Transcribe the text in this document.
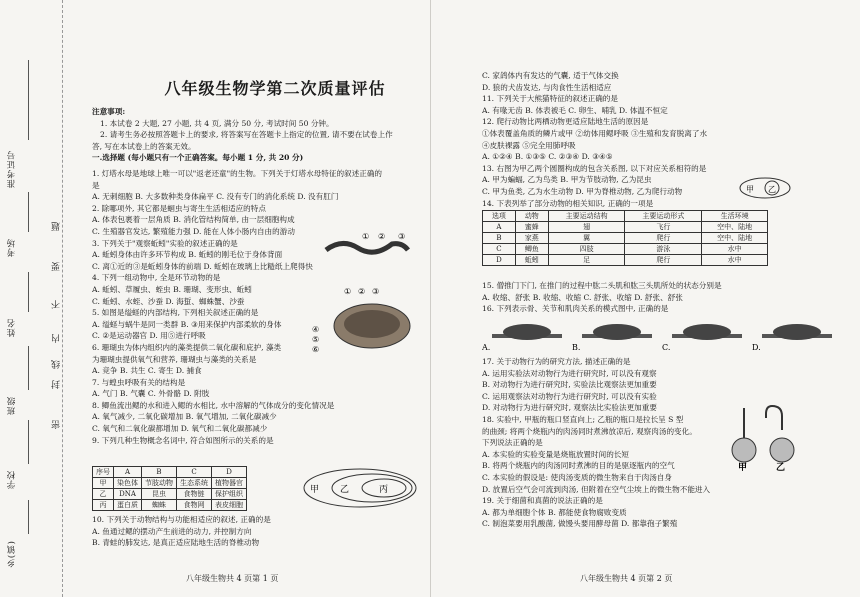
准考证号
考场
姓名
班级
学校
乡(镇)
题
要
不
内
线
封
密
八年级生物学第二次质量评估
注意事项:
1. 本试卷 2 大题, 27 小题, 共 4 页, 满分 50 分, 考试时间 50 分钟。
2. 请考生务必按照答题卡上的要求, 将答案写在答题卡上指定的位置, 请不要在试卷上作
答, 写在本试卷上的答案无效。
一.选择题 (每小题只有一个正确答案。每小题 1 分, 共 20 分)
1. 灯塔水母是地球上唯一可以"返老还童"的生物。下列关于灯塔水母特征的叙述正确的
是
A. 无刺细胞 B. 大多数种类身体扁平 C. 没有专门的消化系统 D. 没有肛门
2. 除哪项外, 其它都是蛔虫与寄生生活相适应的特点
A. 体表包裹着一层角质 B. 消化管结构简单, 由一层细胞构成
C. 生殖器官发达, 繁殖能力强 D. 能在人体小肠内自由的游动
3. 下列关于"观察蚯蚓"实验的叙述正确的是
A. 蚯蚓身体由许多环节构成 B. 蚯蚓的刚毛位于身体背面
C. 离①近的③是蚯蚓身体的前端 D. 蚯蚓在玻璃上比糙纸上爬得快
4. 下列一组动物中, 全是环节动物的是
A. 蚯蚓、草履虫、蛭虫 B. 珊瑚、变形虫、蚯蚓
C. 蚯蚓、水蛭、沙蚕 D. 海蜇、蜘蛛蟹、沙蚕
5. 如图是缢蛏的内部结构, 下列相关叙述正确的是
A. 缢蛏与蜗牛是同一类群 B. ③用来保护内部柔软的身体
C. ②是运动器官 D. 用⑤进行呼吸
6. 珊瑚虫为体内组织内的藻类提供二氧化碳和庇护, 藻类
为珊瑚虫提供氧气和营养, 珊瑚虫与藻类的关系是
A. 竞争 B. 共生 C. 寄生 D. 捕食
7. 与蝗虫呼吸有关的结构是
A. 气门 B. 气囊 C. 外骨骼 D. 附肢
8. 鲫鱼流出鳃的水和进入鳃的水相比, 水中溶解的气体成分的变化情况是
A. 氧气减少, 二氧化碳增加 B. 氧气增加, 二氧化碳减少
C. 氧气和二氧化碳都增加 D. 氧气和二氧化碳都减少
9. 下列几种生物概念名词中, 符合如图所示的关系的是
① ② ③
① ② ③
④
⑤
⑥
序号	A	B	C	D
甲	染色体	节肢动物	生态系统	植物器官
乙	DNA	昆虫	食物链	保护组织
丙	蛋白质	蜘蛛	食物网	表皮细胞
甲 乙	丙
10. 下列关于动物结构与功能相适应的叙述, 正确的是
A. 鱼通过鳃的摆动产生前进的动力, 并控制方向
B. 青蛙的肺发达, 是真正适应陆地生活的脊椎动物
八年级生物共 4 页第 1 页
C. 家鸽体内有发达的气囊, 适于气体交换
D. 狼的犬齿发达, 与肉食性生活相适应
11. 下列关于大熊猫特征的叙述正确的是
A. 有喙无齿 B. 体表被毛 C. 卵生、哺乳 D. 体温不恒定
12. 爬行动物比两栖动物更适应陆地生活的原因是
①体表覆盖角质的鳞片或甲 ②幼体用鳃呼吸 ③生殖和发育脱离了水
④皮肤裸露 ⑤完全用肺呼吸
A. ①②④ B. ①③⑤ C. ②③④ D. ③④⑤
13. 右图为甲乙两个圆圈构成的包含关系图, 以下对应关系相符的是
A. 甲为蝙蝠, 乙为鸟类 B. 甲为节肢动物, 乙为昆虫
C. 甲为鱼类, 乙为水生动物 D. 甲为脊椎动物, 乙为爬行动物
14. 下表列举了部分动物的相关知识, 正确的一项是
甲 乙
选项	动物	主要运动结构	主要运动形式	生活环境
A	蜜蜂	翅	飞行	空中、陆地
B	家燕	翼	爬行	空中、陆地
C	鲫鱼	四肢	游泳	水中
D	蚯蚓	足	爬行	水中
15. 僧推门下门, 在推门的过程中肱二头肌和肱三头肌所处的状态分别是
A. 收缩、舒张 B. 收缩、收缩 C. 舒张、收缩 D. 舒张、舒张
16. 下列表示骨、关节和肌肉关系的模式图中, 正确的是
A.	B.	C.	D.
17. 关于动物行为的研究方法, 描述正确的是
A. 运用实验法对动物行为进行研究时, 可以没有观察
B. 对动物行为进行研究时, 实验法比观察法更加重要
C. 运用观察法对动物行为进行研究时, 可以没有实验
D. 对动物行为进行研究时, 观察法比实验法更加重要
18. 实验中, 甲瓶的瓶口竖直向上; 乙瓶的瓶口是拉长呈 S 型
的曲颈; 将两个烧瓶内的肉汤同时煮沸放凉后, 观察肉汤的变化。
下列说法正确的是
A. 本实验的实验变量是烧瓶放置时间的长短
B. 将两个烧瓶内的肉汤同时煮沸的目的是驱逐瓶内的空气
C. 本实验的假设是: 使肉汤变质的微生物来自于肉汤自身
D. 放置后空气会可流到肉汤, 但附着在空气尘埃上的微生物不能进入
19. 关于细菌和真菌的说法正确的是
A. 都为单细胞个体 B. 都能使食物腐败变质
C. 制泡菜要用乳酸菌, 做馒头要用酵母菌 D. 都靠孢子繁殖
甲	乙
八年级生物共 4 页第 2 页
